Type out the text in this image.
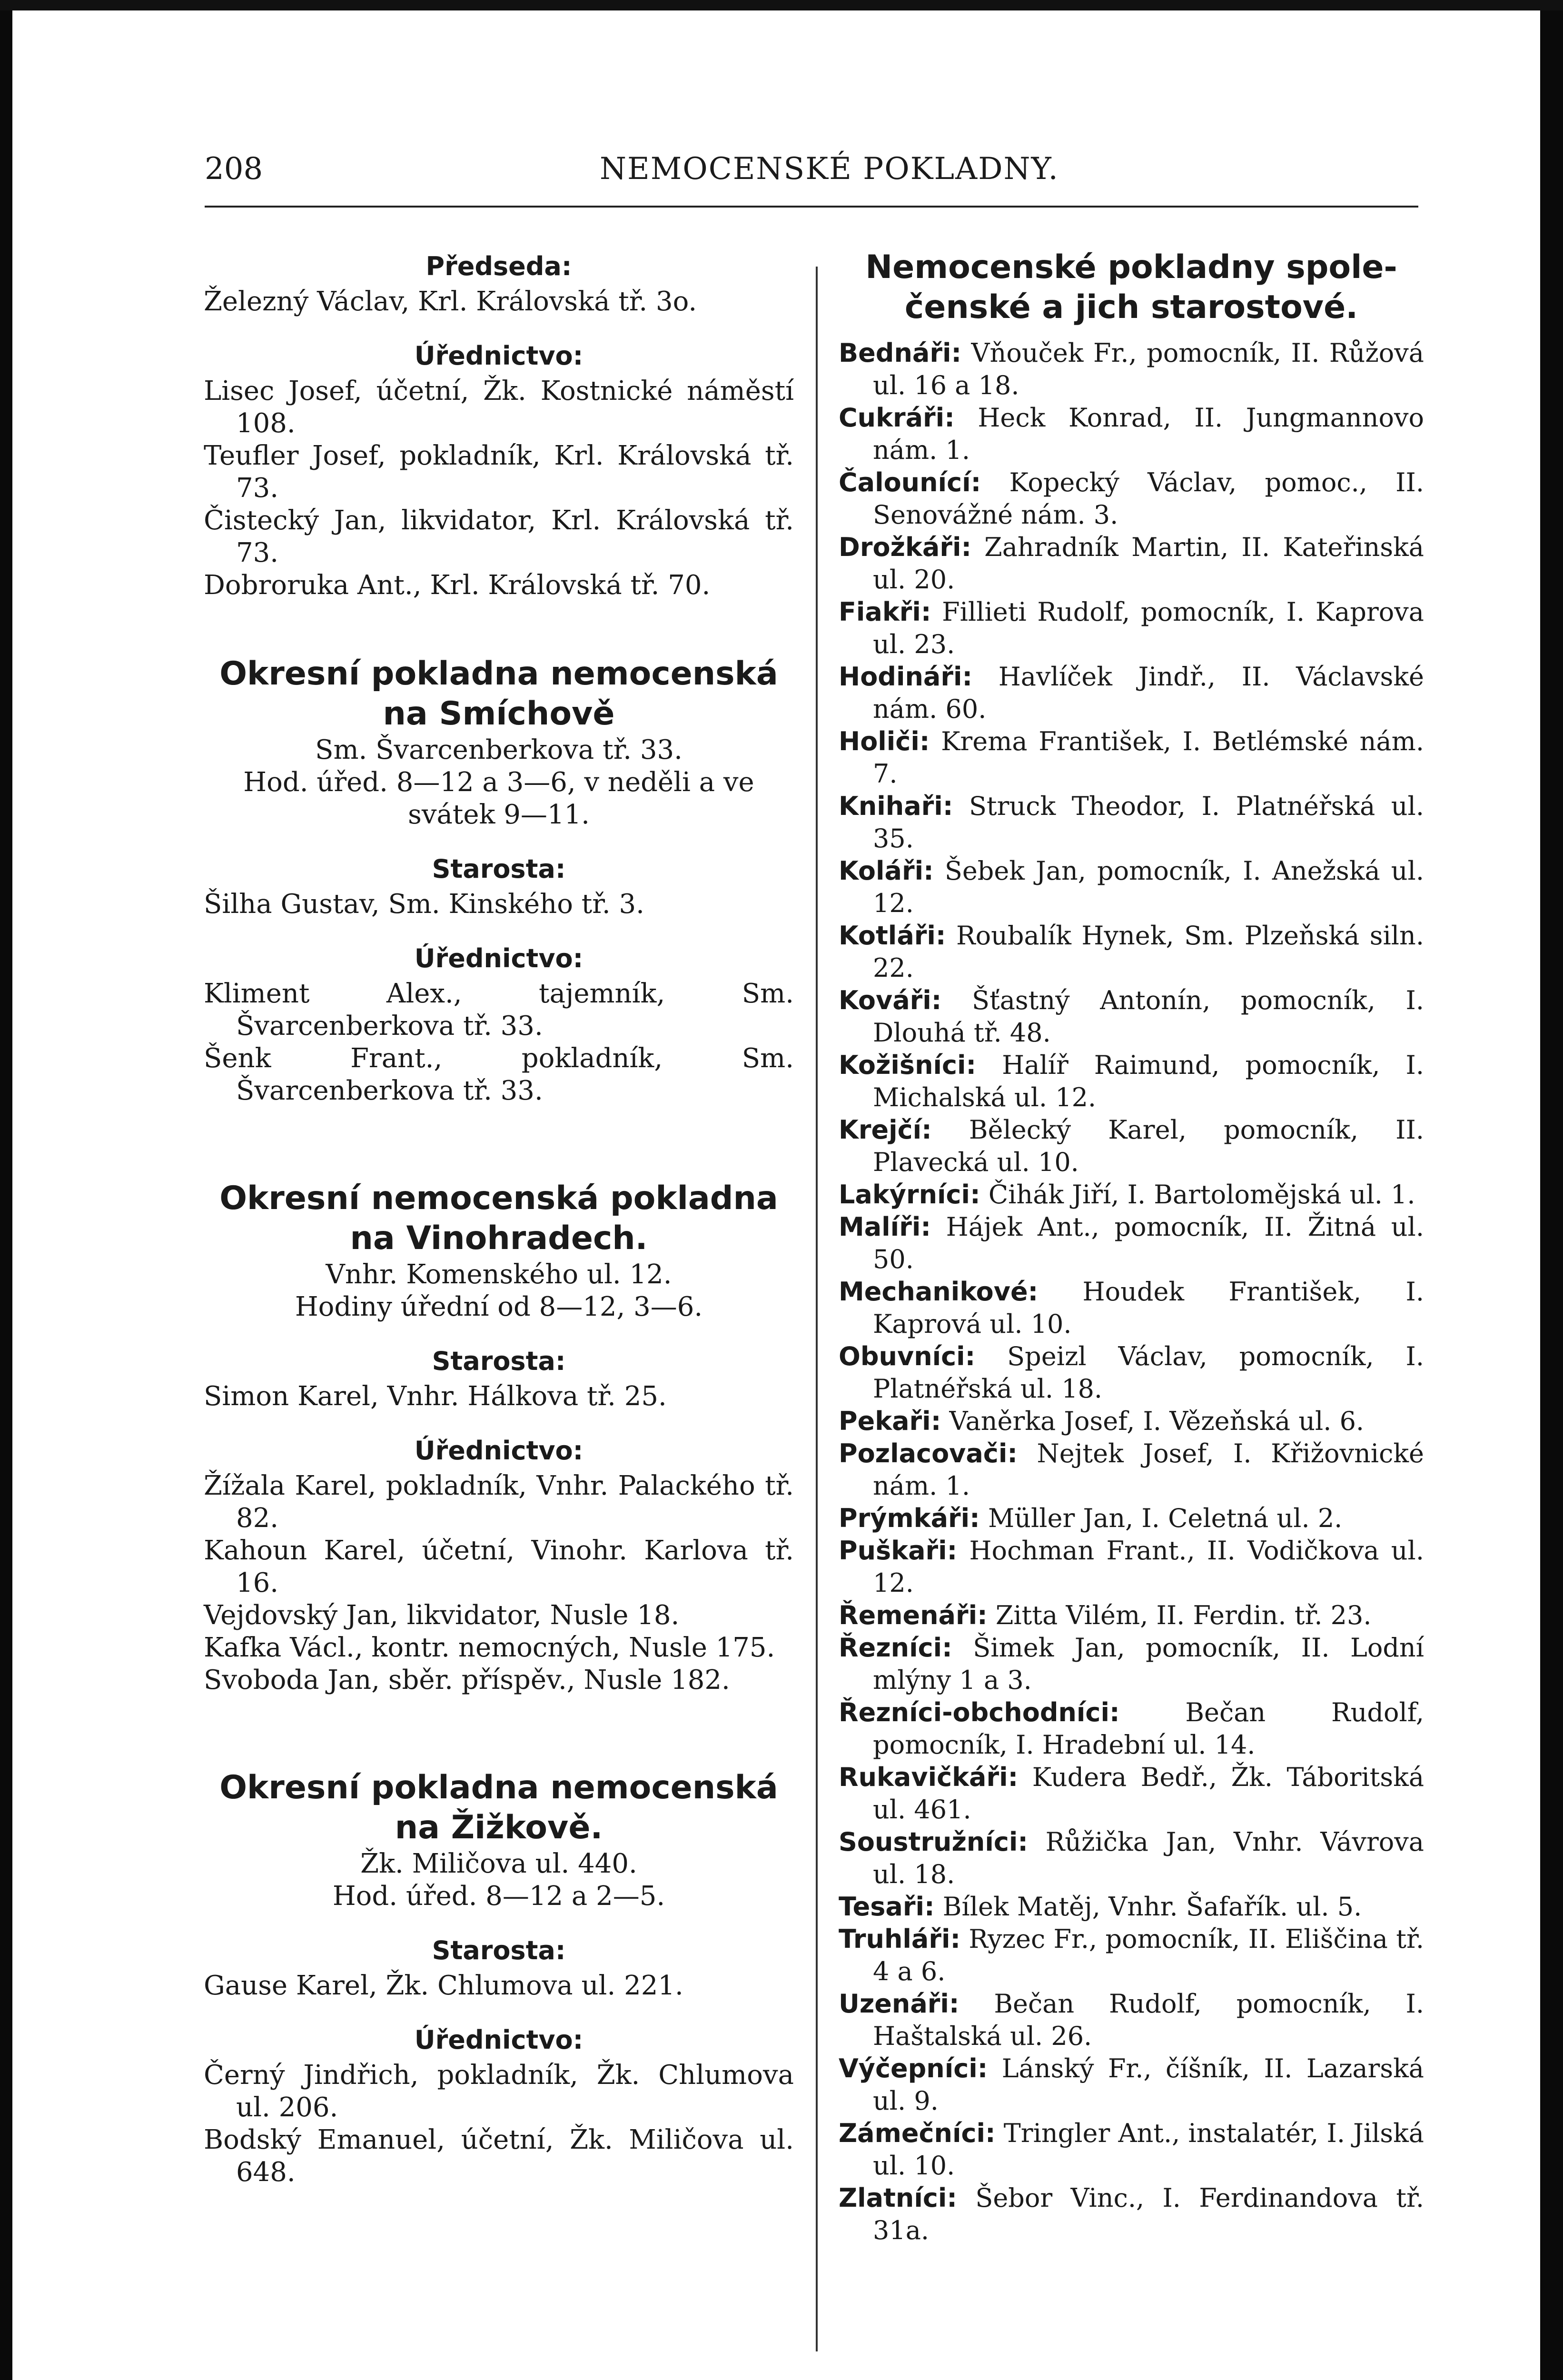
208	NEMOCENSKÉ POKLADNY.

Předseda:

Železný Václav, Krl. Královská tř. 3o.

Úřednictvo:

Lisec Josef, účetní, Žk. Kostnické náměstí 108.

Teufler Josef, pokladník, Krl. Královská tř. 73.

Čistecký Jan, likvidator, Krl. Královská tř. 73.

Dobroruka Ant., Krl. Královská tř. 70.

Okresní pokladna nemocenská

na Smíchově

Sm. Švarcenberkova tř. 33.

Hod. úřed. 8—12 a 3—6, v neděli a ve

svátek 9—11.

Starosta:

Šilha Gustav, Sm. Kinského tř. 3.

Úřednictvo:

Kliment Alex., tajemník, Sm. Švarcenberkova tř. 33.

Šenk Frant., pokladník, Sm. Švarcenberkova tř. 33.

Okresní nemocenská pokladna

na Vinohradech.

Vnhr. Komenského ul. 12.

Hodiny úřední od 8—12, 3—6.

Starosta:

Simon Karel, Vnhr. Hálkova tř. 25.

Úřednictvo:

Žížala Karel, pokladník, Vnhr. Palackého tř. 82.

Kahoun Karel, účetní, Vinohr. Karlova tř. 16.

Vejdovský Jan, likvidator, Nusle 18.

Kafka Václ., kontr. nemocných, Nusle 175.

Svoboda Jan, sběr. příspěv., Nusle 182.

Okresní pokladna nemocenská

na Žižkově.

Žk. Miličova ul. 440.

Hod. úřed. 8—12 a 2—5.

Starosta:

Gause Karel, Žk. Chlumova ul. 221.

Úřednictvo:

Černý Jindřich, pokladník, Žk. Chlumova ul. 206.

Bodský Emanuel, účetní, Žk. Miličova ul. 648.

Nemocenské pokladny spole-

čenské a jich starostové.

Bednáři: Vňouček Fr., pomocník, II. Růžová ul. 16 a 18.

Cukráři: Heck Konrad, II. Jungmannovo nám. 1.

Čalounící: Kopecký Václav, pomoc., II. Senovážné nám. 3.

Drožkáři: Zahradník Martin, II. Kateřinská ul. 20.

Fiakři: Fillieti Rudolf, pomocník, I. Kaprova ul. 23.

Hodináři: Havlíček Jindř., II. Václavské nám. 60.

Holiči: Krema František, I. Betlémské nám. 7.

Knihaři: Struck Theodor, I. Platnéřská ul. 35.

Koláři: Šebek Jan, pomocník, I. Anežská ul. 12.

Kotláři: Roubalík Hynek, Sm. Plzeňská siln. 22.

Kováři: Šťastný Antonín, pomocník, I. Dlouhá tř. 48.

Kožišníci: Halíř Raimund, pomocník, I. Michalská ul. 12.

Krejčí: Bělecký Karel, pomocník, II. Plavecká ul. 10.

Lakýrníci: Čihák Jiří, I. Bartolomějská ul. 1.

Malíři: Hájek Ant., pomocník, II. Žitná ul. 50.

Mechanikové: Houdek František, I. Kaprová ul. 10.

Obuvníci: Speizl Václav, pomocník, I. Platnéřská ul. 18.

Pekaři: Vaněrka Josef, I. Vězeňská ul. 6.

Pozlacovači: Nejtek Josef, I. Křižovnické nám. 1.

Prýmkáři: Müller Jan, I. Celetná ul. 2.

Puškaři: Hochman Frant., II. Vodičkova ul. 12.

Řemenáři: Zitta Vilém, II. Ferdin. tř. 23.

Řezníci: Šimek Jan, pomocník, II. Lodní mlýny 1 a 3.

Řezníci-obchodníci:	Bečan Rudolf, pomocník, I. Hradební ul. 14.

Rukavičkáři: Kudera Bedř., Žk. Táboritská ul. 461.

Soustružníci: Růžička Jan, Vnhr. Vávrova ul. 18.

Tesaři: Bílek Matěj, Vnhr. Šafařík. ul. 5.

Truhláři: Ryzec Fr., pomocník, II. Eliščina tř. 4 a 6.

Uzenáři: Bečan Rudolf, pomocník, I. Haštalská ul. 26.

Výčepníci: Lánský Fr., číšník, II. Lazarská ul. 9.

Zámečníci: Tringler Ant., instalatér, I. Jilská ul. 10.

Zlatníci: Šebor Vinc., I. Ferdinandova tř. 31a.
